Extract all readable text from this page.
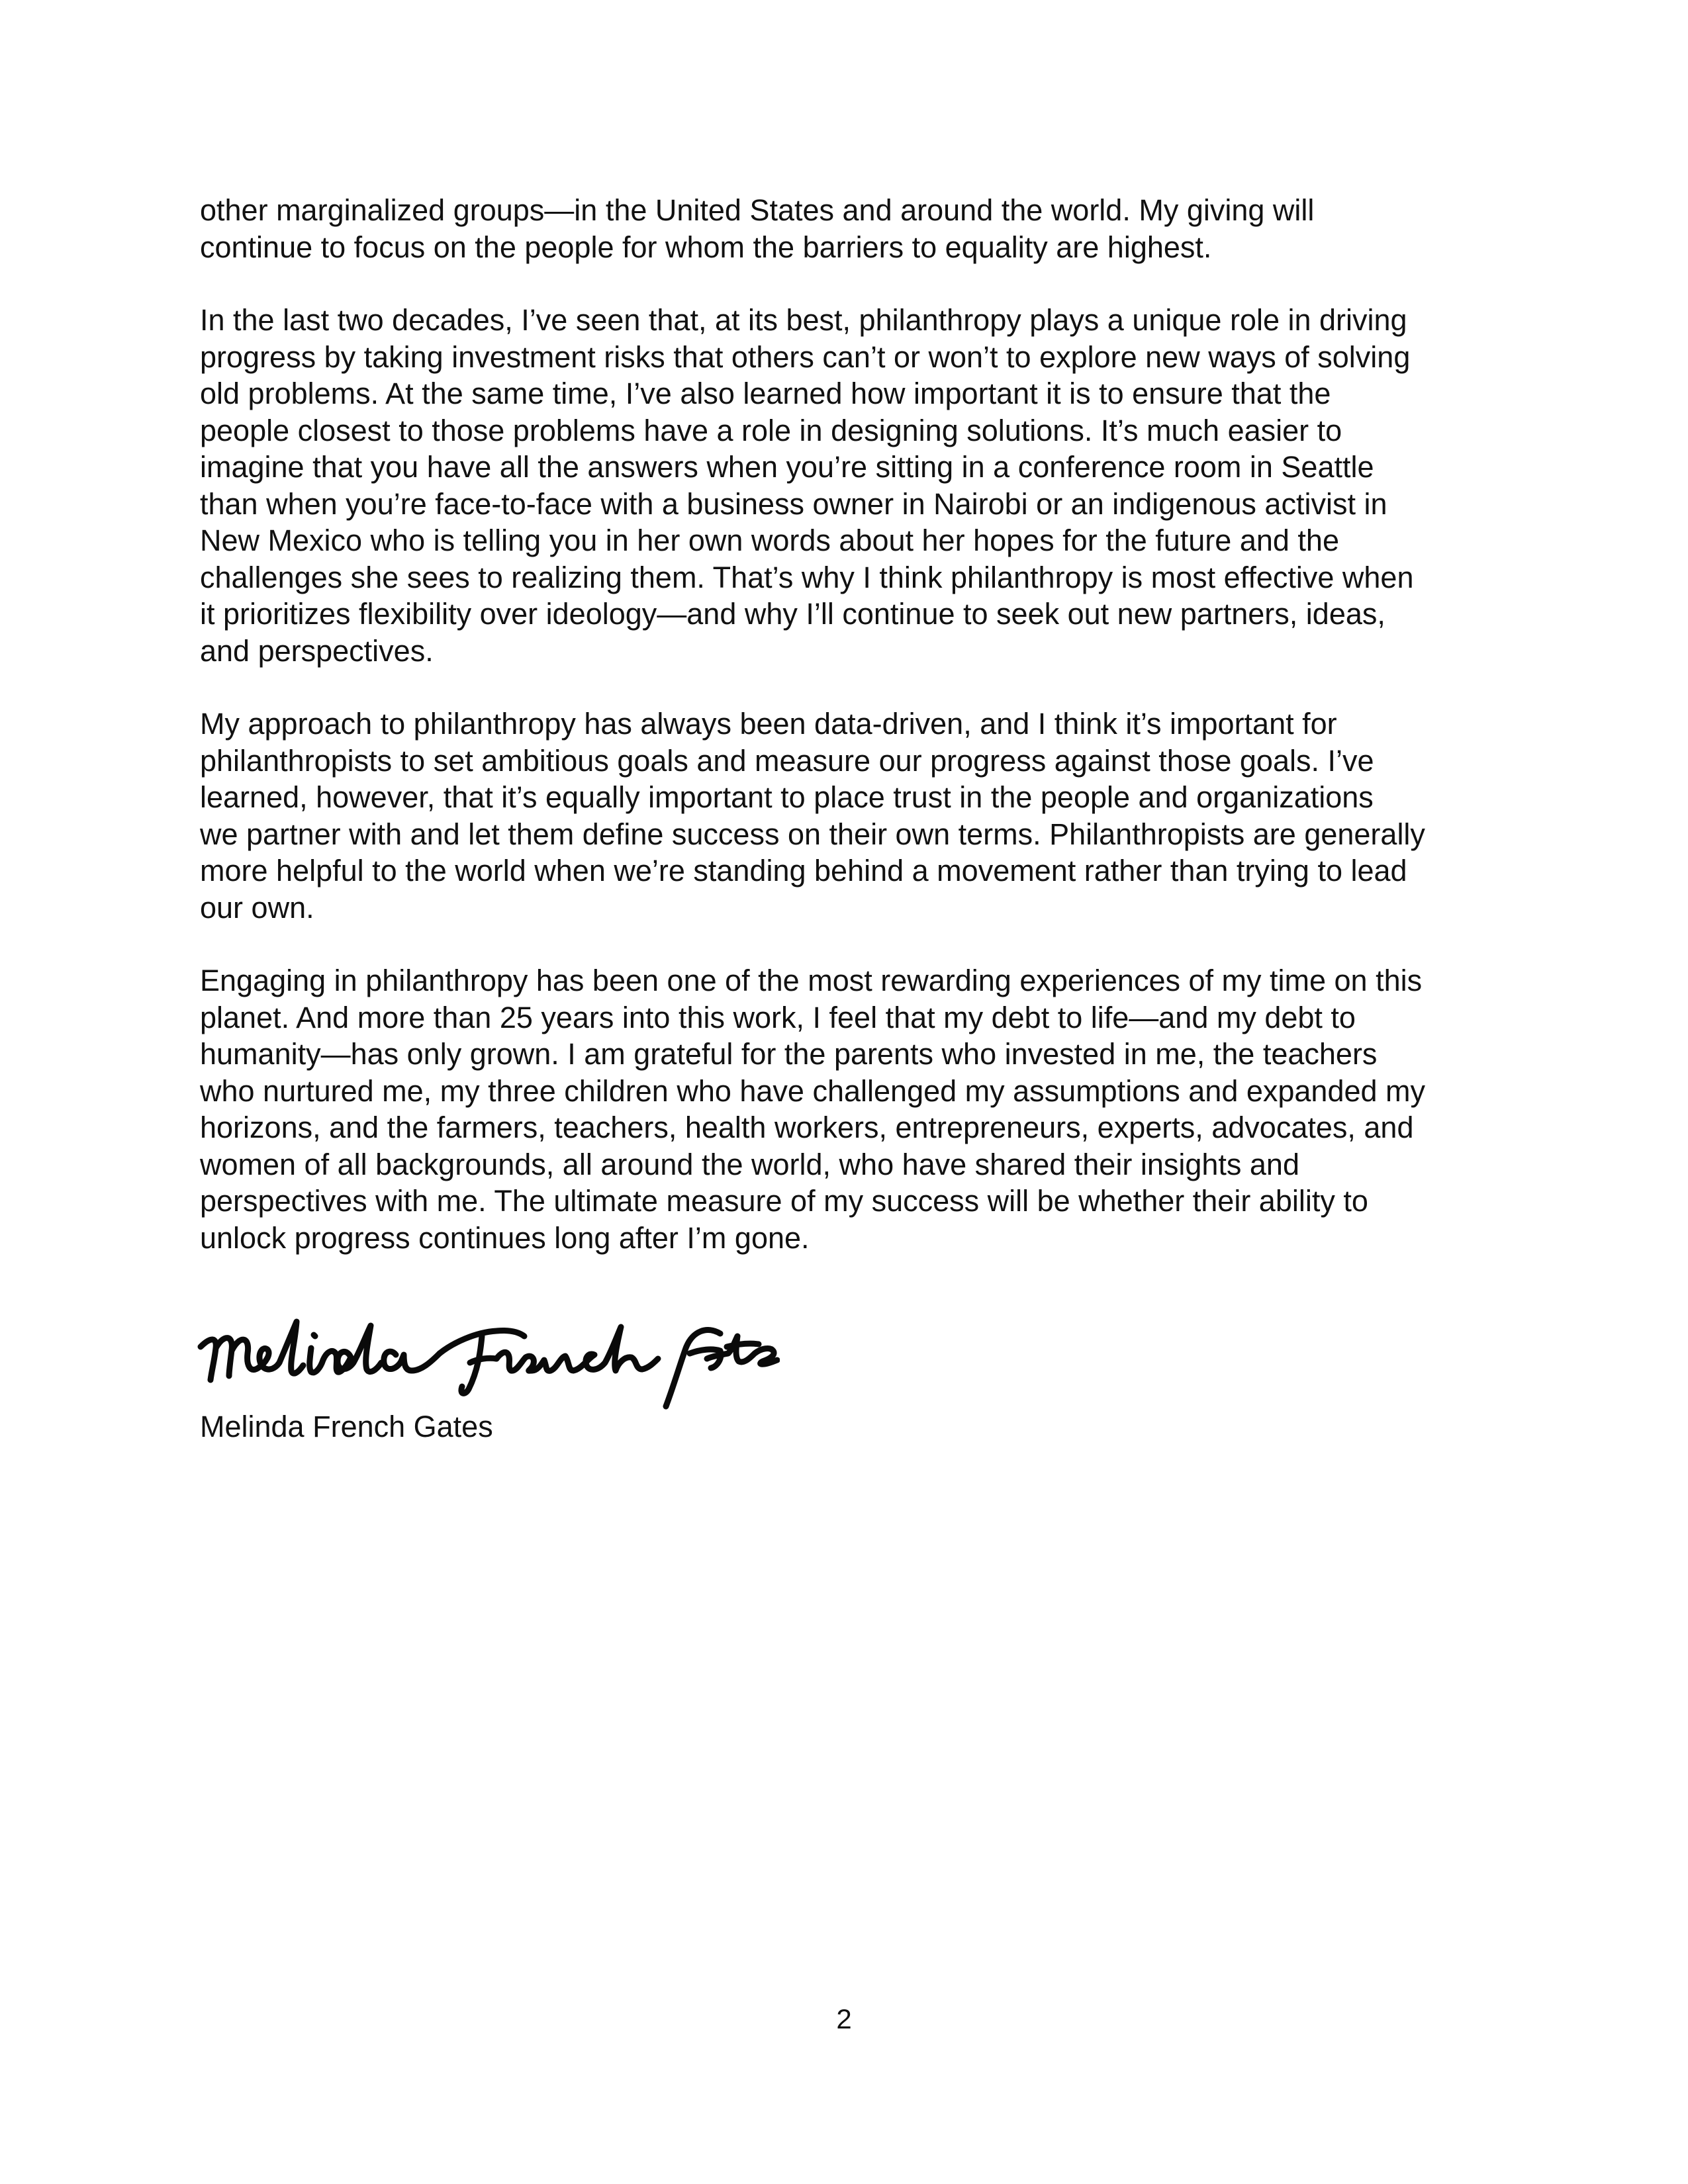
other marginalized groups—in the United States and around the world. My giving will
continue to focus on the people for whom the barriers to equality are highest.

In the last two decades, I’ve seen that, at its best, philanthropy plays a unique role in driving
progress by taking investment risks that others can’t or won’t to explore new ways of solving
old problems. At the same time, I’ve also learned how important it is to ensure that the
people closest to those problems have a role in designing solutions. It’s much easier to
imagine that you have all the answers when you’re sitting in a conference room in Seattle
than when you’re face-to-face with a business owner in Nairobi or an indigenous activist in
New Mexico who is telling you in her own words about her hopes for the future and the
challenges she sees to realizing them. That’s why I think philanthropy is most effective when
it prioritizes flexibility over ideology—and why I’ll continue to seek out new partners, ideas,
and perspectives.

My approach to philanthropy has always been data-driven, and I think it’s important for
philanthropists to set ambitious goals and measure our progress against those goals. I’ve
learned, however, that it’s equally important to place trust in the people and organizations
we partner with and let them define success on their own terms. Philanthropists are generally
more helpful to the world when we’re standing behind a movement rather than trying to lead
our own.

Engaging in philanthropy has been one of the most rewarding experiences of my time on this
planet. And more than 25 years into this work, I feel that my debt to life—and my debt to
humanity—has only grown. I am grateful for the parents who invested in me, the teachers
who nurtured me, my three children who have challenged my assumptions and expanded my
horizons, and the farmers, teachers, health workers, entrepreneurs, experts, advocates, and
women of all backgrounds, all around the world, who have shared their insights and
perspectives with me. The ultimate measure of my success will be whether their ability to
unlock progress continues long after I’m gone.

Melinda French Gates
2
